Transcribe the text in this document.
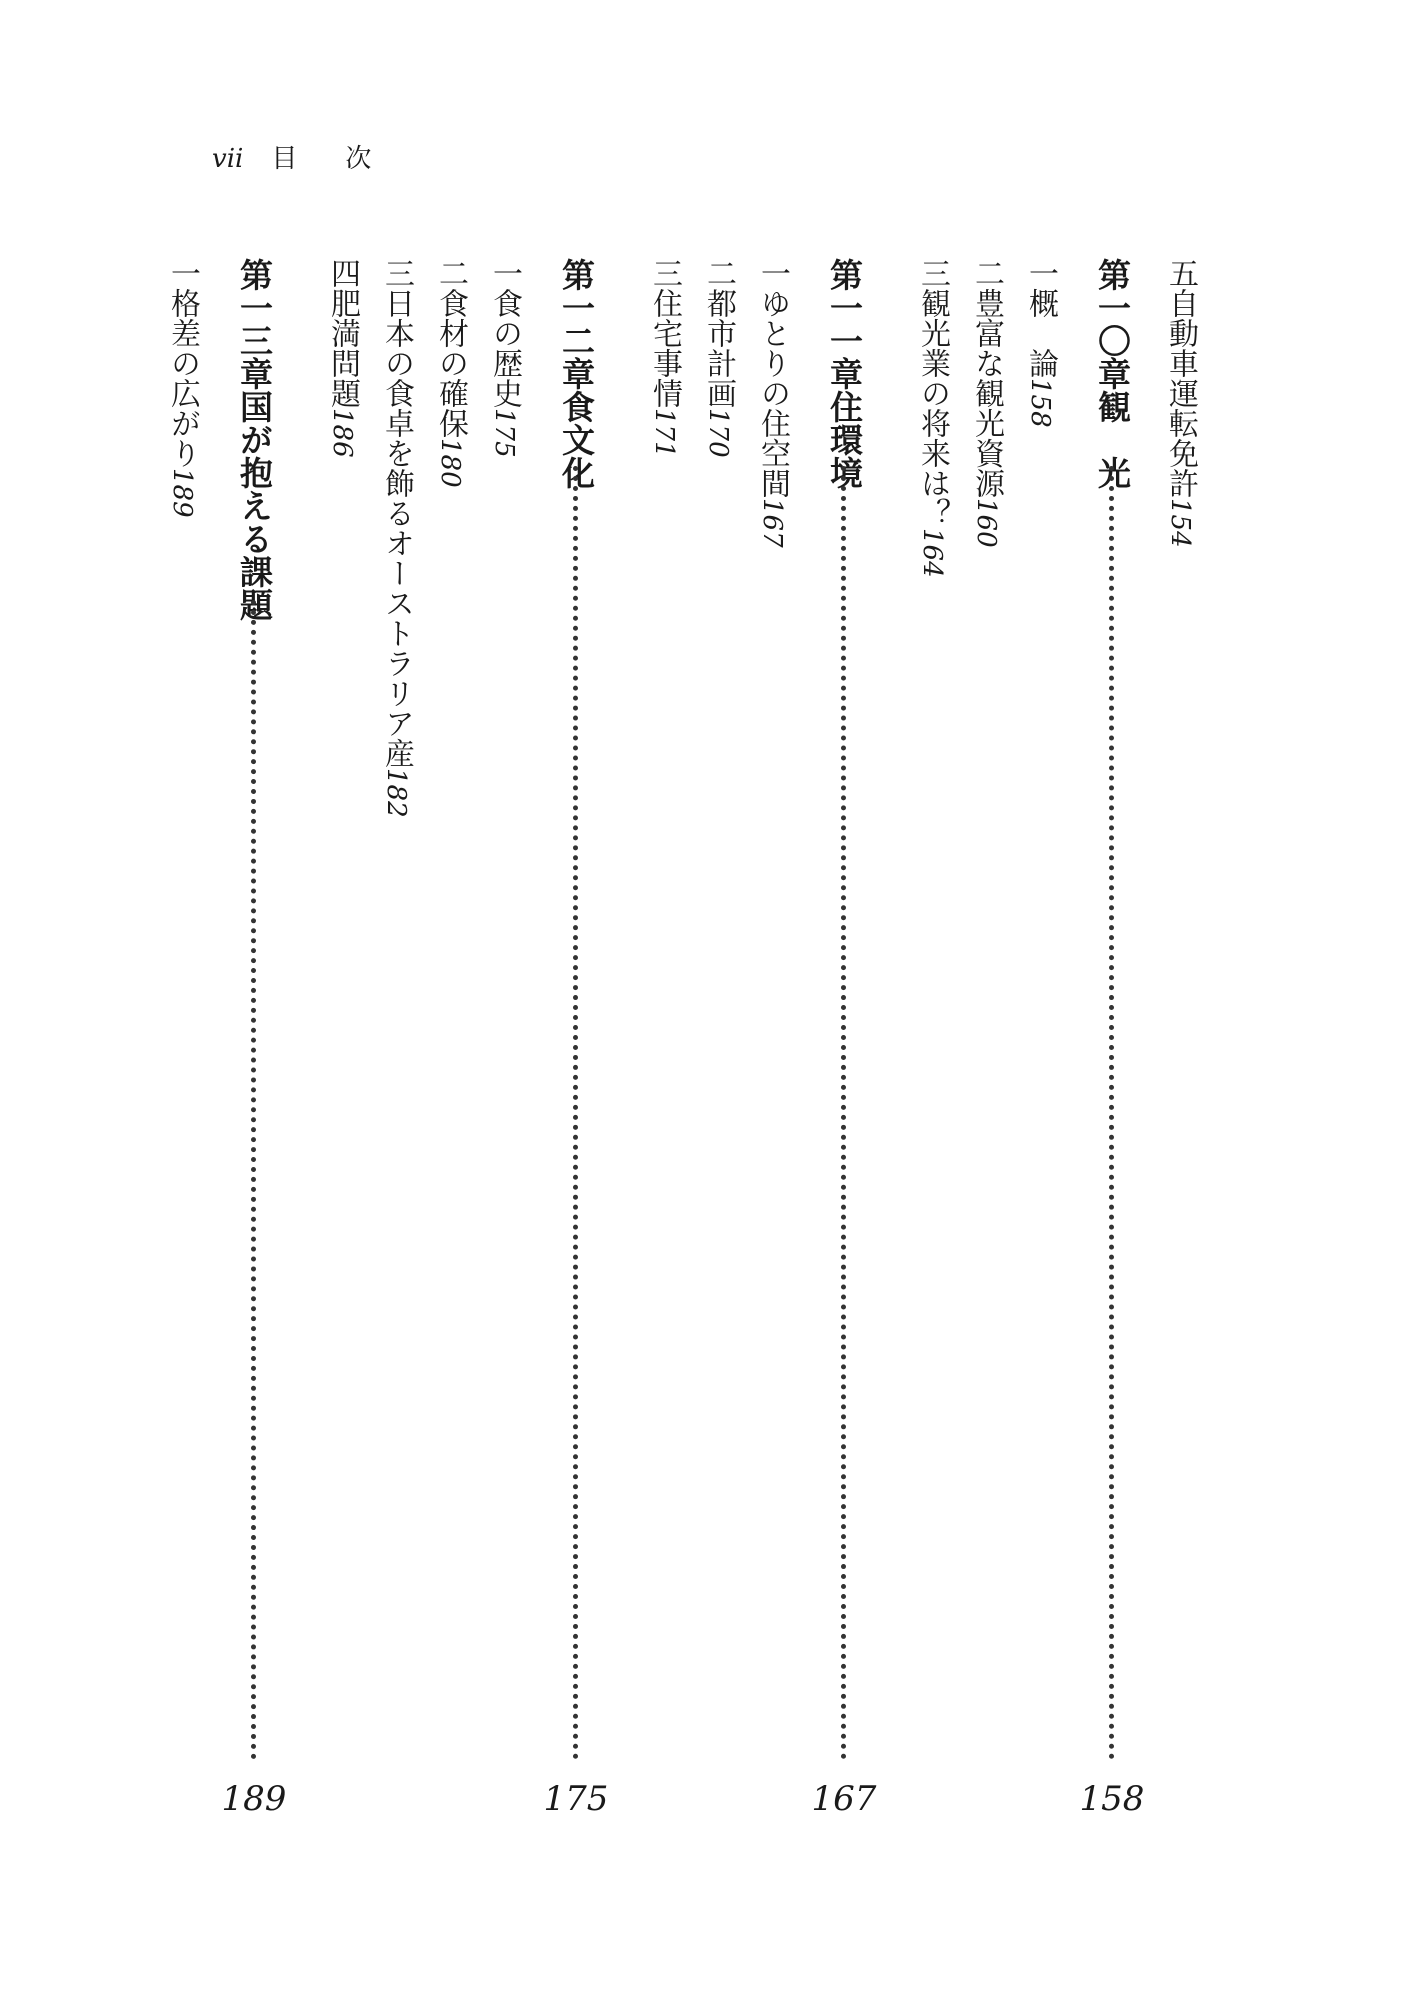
vii 目次
五自動車運転免許154
第一〇章観　光
158
一概　論158
二豊富な観光資源160
三観光業の将来は？164
第一一章住環境
167
一ゆとりの住空間167
二都市計画170
三住宅事情171
第一二章食文化
175
一食の歴史175
二食材の確保180
三日本の食卓を飾るオーストラリア産182
四肥満問題186
第一三章国が抱える課題
189
一格差の広がり189
